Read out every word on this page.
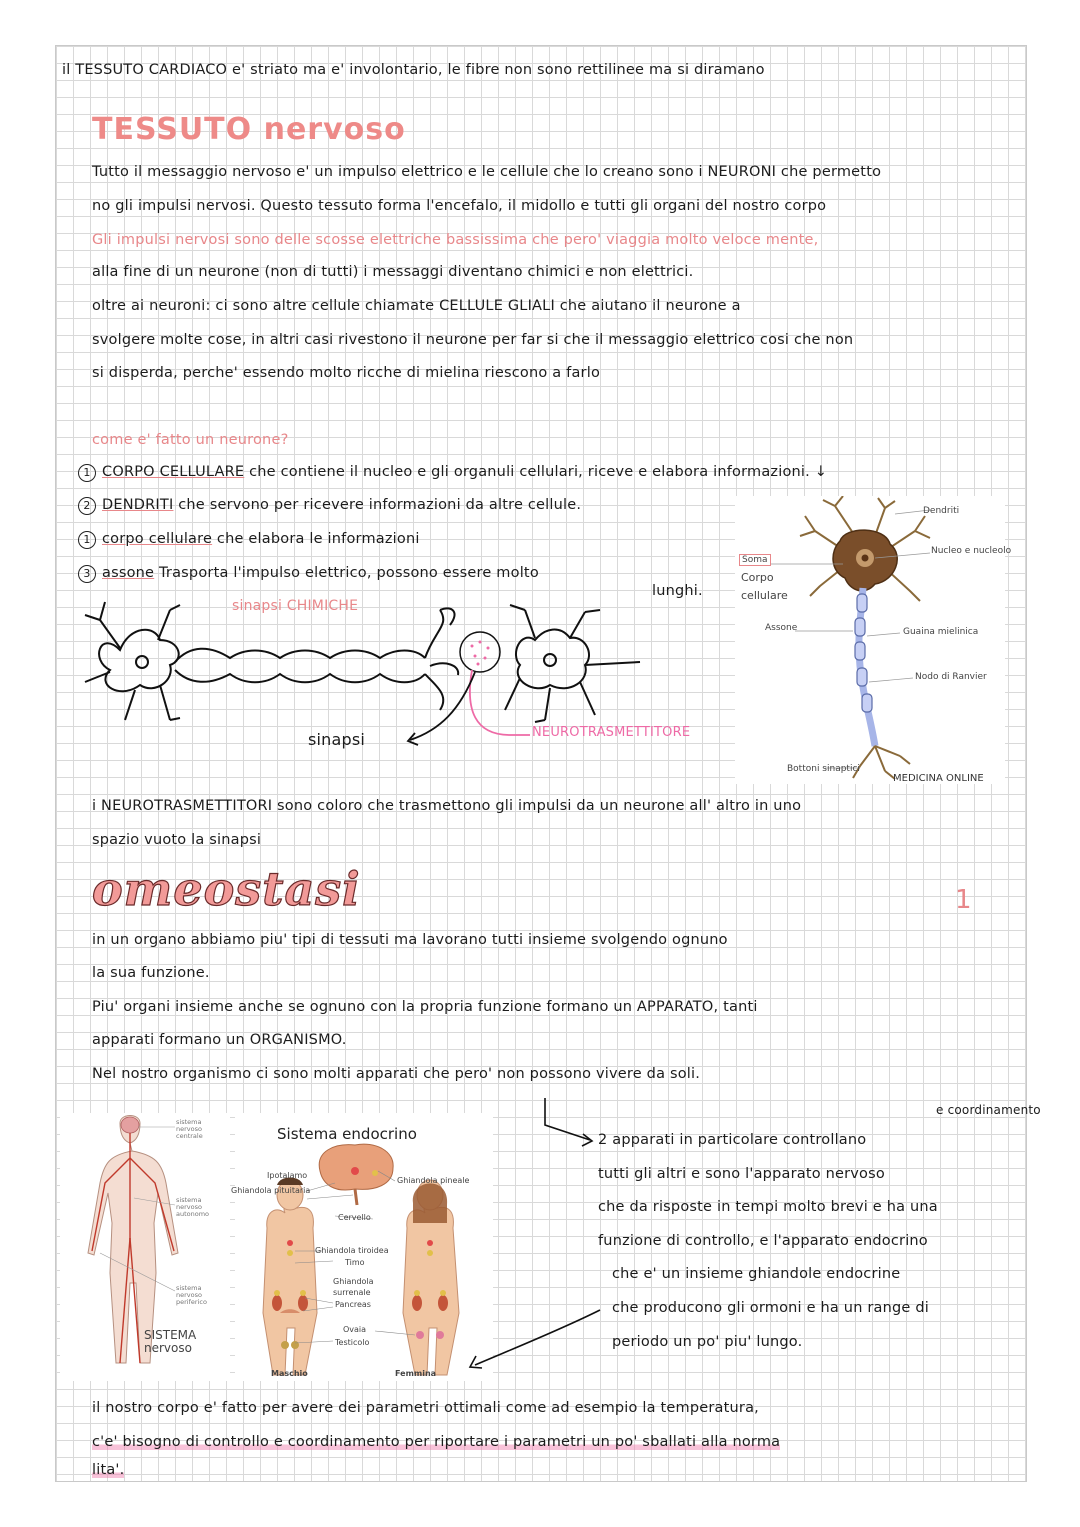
il TESSUTO CARDIACO e' striato ma e' involontario, le fibre non sono rettilinee ma si diramano
TESSUTO nervoso
Tutto il messaggio nervoso e' un impulso elettrico e le cellule che lo creano sono i NEURONI che permetto
no gli impulsi nervosi. Questo tessuto forma l'encefalo, il midollo e tutti gli organi del nostro corpo
Gli impulsi nervosi sono delle scosse elettriche bassissima che pero' viaggia molto veloce mente,
alla fine di un neurone (non di tutti) i messaggi diventano chimici e non elettrici.
oltre ai neuroni: ci sono altre cellule chiamate CELLULE GLIALI che aiutano il neurone a
svolgere molte cose, in altri casi rivestono il neurone per far si che il messaggio elettrico cosi che non
si disperda, perche' essendo molto ricche di mielina riescono a farlo
come e' fatto un neurone?
1 CORPO CELLULARE che contiene il nucleo e gli organuli cellulari, riceve e elabora informazioni. ↓
2 DENDRITI che servono per ricevere informazioni da altre cellule.
1 corpo cellulare che elabora le informazioni
3 assone Trasporta l'impulso elettrico, possono essere molto
lunghi.
sinapsi CHIMICHE
sinapsi	NEUROTRASMETTITORE
Soma
Corpo
cellulare
Dendriti
Nucleo e nucleolo
Assone	Guaina mielinica
Nodo di Ranvier
Bottoni sinaptici
MEDICINA ONLINE
i NEUROTRASMETTITORI sono coloro che trasmettono gli impulsi da un neurone all' altro in uno
spazio vuoto la sinapsi
omeostasi	1
in un organo abbiamo piu' tipi di tessuti ma lavorano tutti insieme svolgendo ognuno
la sua funzione.
Piu' organi insieme anche se ognuno con la propria funzione formano un APPARATO, tanti
apparati formano un ORGANISMO.
Nel nostro organismo ci sono molti apparati che pero' non possono vivere da soli.
sistema nervoso centrale
sistema nervoso autonomo
sistema nervoso periferico
SISTEMA nervoso
Sistema endocrino
Ipotalamo
Ghiandola pituitaria
Ghiandola pineale
Cervello
Ghiandola tiroidea
Timo
Ghiandola surrenale
Pancreas
Ovaia
Testicolo
Maschio	Femmina
e coordinamento
2 apparati in particolare controllano
tutti gli altri e sono l'apparato nervoso
che da risposte in tempi molto brevi e ha una
funzione di controllo, e l'apparato endocrino
che e' un insieme ghiandole endocrine
che producono gli ormoni e ha un range di
periodo un po' piu' lungo.
il nostro corpo e' fatto per avere dei parametri ottimali come ad esempio la temperatura,
c'e' bisogno di controllo e coordinamento per riportare i parametri un po' sballati alla norma
lita'.
